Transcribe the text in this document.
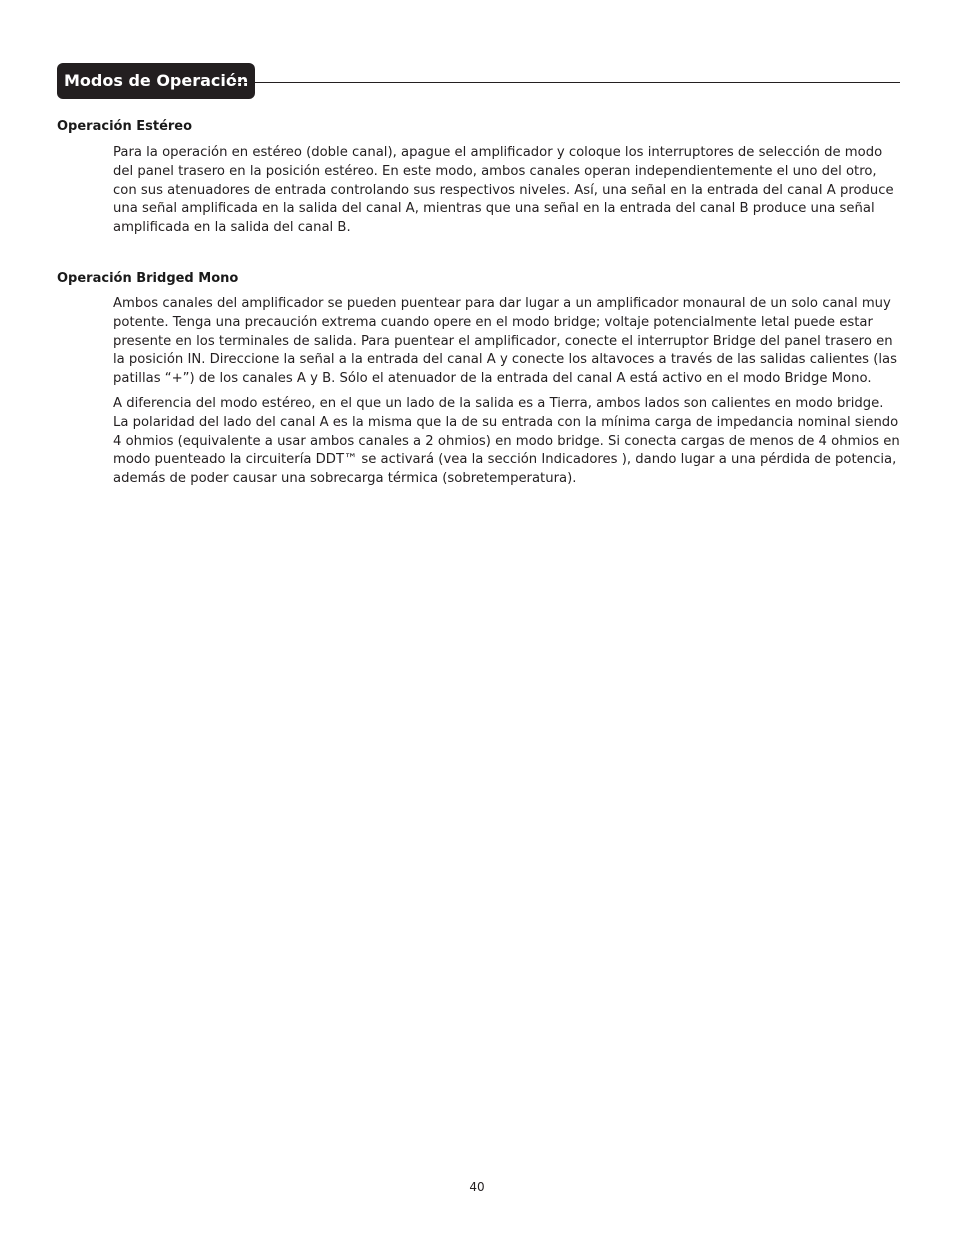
Modos de Operación
Operación Estéreo

Para la operación en estéreo (doble canal), apague el amplificador y coloque los interruptores de selección de modo
del panel trasero en la posición estéreo. En este modo, ambos canales operan independientemente el uno del otro,
con sus atenuadores de entrada controlando sus respectivos niveles. Así, una señal en la entrada del canal A produce
una señal amplificada en la salida del canal A, mientras que una señal en la entrada del canal B produce una señal
amplificada en la salida del canal B.

Operación Bridged Mono

Ambos canales del amplificador se pueden puentear para dar lugar a un amplificador monaural de un solo canal muy
potente. Tenga una precaución extrema cuando opere en el modo bridge; voltaje potencialmente letal puede estar
presente en los terminales de salida. Para puentear el amplificador, conecte el interruptor Bridge del panel trasero en
la posición IN. Direccione la señal a la entrada del canal A y conecte los altavoces a través de las salidas calientes (las
patillas “+”) de los canales A y B. Sólo el atenuador de la entrada del canal A está activo en el modo Bridge Mono.

A diferencia del modo estéreo, en el que un lado de la salida es a Tierra, ambos lados son calientes en modo bridge.
La polaridad del lado del canal A es la misma que la de su entrada con la mínima carga de impedancia nominal siendo
4 ohmios (equivalente a usar ambos canales a 2 ohmios) en modo bridge. Si conecta cargas de menos de 4 ohmios en
modo puenteado la circuitería DDT™ se activará (vea la sección Indicadores ), dando lugar a una pérdida de potencia,
además de poder causar una sobrecarga térmica (sobretemperatura).

40
